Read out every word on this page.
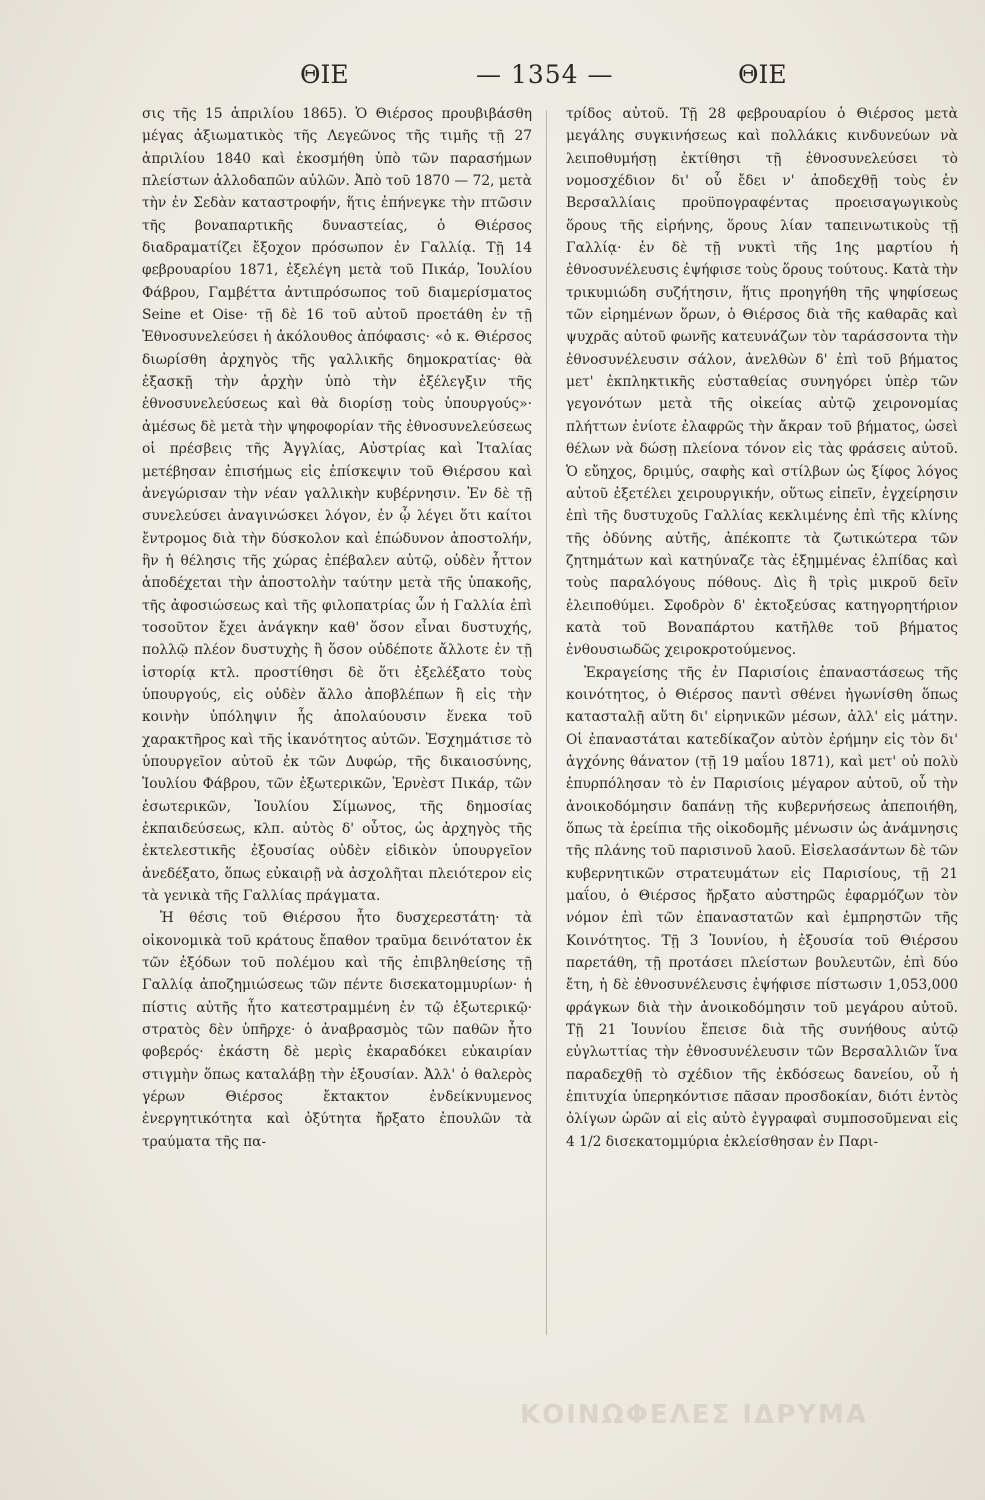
ΘΙΕ	— 1354 —	ΘΙΕ

σις τῆς 15 ἀπριλίου 1865). Ὁ Θιέρσος προυβιβάσθη μέγας ἀξιωματικὸς τῆς Λεγεῶνος τῆς τιμῆς τῇ 27 ἀπριλίου 1840 καὶ ἐκοσμήθη ὑπὸ τῶν παρασήμων πλείστων ἀλλοδαπῶν αὐλῶν. Ἀπὸ τοῦ 1870 — 72, μετὰ τὴν ἐν Σεδὰν καταστροφήν, ἥτις ἐπήνεγκε τὴν πτῶσιν τῆς βοναπαρτικῆς δυναστείας, ὁ Θιέρσος διαδραματίζει ἔξοχον πρόσωπον ἐν Γαλλίᾳ. Τῇ 14 φεβρουαρίου 1871, ἐξελέγη μετὰ τοῦ Πικάρ, Ἰουλίου Φάβρου, Γαμβέττα ἀντιπρόσωπος τοῦ διαμερίσματος Seine et Oise· τῇ δὲ 16 τοῦ αὐτοῦ προετάθη ἐν τῇ Ἐθνοσυνελεύσει ἡ ἀκόλουθος ἀπόφασις· «ὁ κ. Θιέρσος διωρίσθη ἀρχηγὸς τῆς γαλλικῆς δημοκρατίας· θὰ ἐξασκῇ τὴν ἀρχὴν ὑπὸ τὴν ἐξέλεγξιν τῆς ἐθνοσυνελεύσεως καὶ θὰ διορίσῃ τοὺς ὑπουργούς»· ἀμέσως δὲ μετὰ τὴν ψηφοφορίαν τῆς ἐθνοσυνελεύσεως οἱ πρέσβεις τῆς Ἀγγλίας, Αὐστρίας καὶ Ἰταλίας μετέβησαν ἐπισήμως εἰς ἐπίσκεψιν τοῦ Θιέρσου καὶ ἀνεγώρισαν τὴν νέαν γαλλικὴν κυβέρνησιν. Ἐν δὲ τῇ συνελεύσει ἀναγινώσκει λόγον, ἐν ᾧ λέγει ὅτι καίτοι ἔντρομος διὰ τὴν δύσκολον καὶ ἐπώδυνον ἀποστολήν, ἣν ἡ θέλησις τῆς χώρας ἐπέβαλεν αὐτῷ, οὐδὲν ἧττον ἀποδέχεται τὴν ἀποστολὴν ταύτην μετὰ τῆς ὑπακοῆς, τῆς ἀφοσιώσεως καὶ τῆς φιλοπατρίας ὧν ἡ Γαλλία ἐπὶ τοσοῦτον ἔχει ἀνάγκην καθ' ὅσον εἶναι δυστυχής, πολλῷ πλέον δυστυχὴς ἢ ὅσον οὐδέποτε ἄλλοτε ἐν τῇ ἱστορίᾳ κτλ. προστίθησι δὲ ὅτι ἐξελέξατο τοὺς ὑπουργούς, εἰς οὐδὲν ἄλλο ἀποβλέπων ἢ εἰς τὴν κοινὴν ὑπόληψιν ἧς ἀπολαύουσιν ἕνεκα τοῦ χαρακτῆρος καὶ τῆς ἱκανότητος αὐτῶν. Ἐσχημάτισε τὸ ὑπουργεῖον αὐτοῦ ἐκ τῶν Δυφώρ, τῆς δικαιοσύνης, Ἰουλίου Φάβρου, τῶν ἐξωτερικῶν, Ἐρνὲστ Πικάρ, τῶν ἐσωτερικῶν, Ἰουλίου Σίμωνος, τῆς δημοσίας ἐκπαιδεύσεως, κλπ. αὐτὸς δ' οὗτος, ὡς ἀρχηγὸς τῆς ἐκτελεστικῆς ἐξουσίας οὐδὲν εἰδικὸν ὑπουργεῖον ἀνεδέξατο, ὅπως εὐκαιρῇ νὰ ἀσχολῆται πλειότερον εἰς τὰ γενικὰ τῆς Γαλλίας πράγματα.

Ἡ θέσις τοῦ Θιέρσου ἦτο δυσχερεστάτη· τὰ οἰκονομικὰ τοῦ κράτους ἔπαθον τραῦμα δεινότατον ἐκ τῶν ἐξόδων τοῦ πολέμου καὶ τῆς ἐπιβληθείσης τῇ Γαλλίᾳ ἀποζημιώσεως τῶν πέντε δισεκατομμυρίων· ἡ πίστις αὐτῆς ἦτο κατεστραμμένη ἐν τῷ ἐξωτερικῷ· στρατὸς δὲν ὑπῆρχε· ὁ ἀναβρασμὸς τῶν παθῶν ἦτο φοβερός· ἐκάστη δὲ μερὶς ἐκαραδόκει εὐκαιρίαν στιγμὴν ὅπως καταλάβῃ τὴν ἐξουσίαν. Ἀλλ' ὁ θαλερὸς γέρων Θιέρσος ἔκτακτον ἐνδείκνυμενος ἐνεργητικότητα καὶ ὀξύτητα ἤρξατο ἐπουλῶν τὰ τραύματα τῆς πα-

τρίδος αὐτοῦ. Τῇ 28 φεβρουαρίου ὁ Θιέρσος μετὰ μεγάλης συγκινήσεως καὶ πολλάκις κινδυνεύων νὰ λειποθυμήσῃ ἐκτίθησι τῇ ἐθνοσυνελεύσει τὸ νομοσχέδιον δι' οὗ ἔδει ν' ἀποδεχθῇ τοὺς ἐν Βερσαλλίαις προϋπογραφέντας προεισαγωγικοὺς ὅρους τῆς εἰρήνης, ὅρους λίαν ταπεινωτικοὺς τῇ Γαλλίᾳ· ἐν δὲ τῇ νυκτὶ τῆς 1ης μαρτίου ἡ ἐθνοσυνέλευσις ἐψήφισε τοὺς ὅρους τούτους. Κατὰ τὴν τρικυμιώδη συζήτησιν, ἥτις προηγήθη τῆς ψηφίσεως τῶν εἰρημένων ὅρων, ὁ Θιέρσος διὰ τῆς καθαρᾶς καὶ ψυχρᾶς αὐτοῦ φωνῆς κατευνάζων τὸν ταράσσοντα τὴν ἐθνοσυνέλευσιν σάλον, ἀνελθὼν δ' ἐπὶ τοῦ βήματος μετ' ἐκπληκτικῆς εὐσταθείας συνηγόρει ὑπὲρ τῶν γεγονότων μετὰ τῆς οἰκείας αὐτῷ χειρονομίας πλήττων ἐνίοτε ἐλαφρῶς τὴν ἄκραν τοῦ βήματος, ὡσεὶ θέλων νὰ δώσῃ πλείονα τόνον εἰς τὰς φράσεις αὐτοῦ. Ὁ εὔηχος, δριμύς, σαφὴς καὶ στίλβων ὡς ξίφος λόγος αὐτοῦ ἐξετέλει χειρουργικήν, οὕτως εἰπεῖν, ἐγχείρησιν ἐπὶ τῆς δυστυχοῦς Γαλλίας κεκλιμένης ἐπὶ τῆς κλίνης τῆς ὀδύνης αὐτῆς, ἀπέκοπτε τὰ ζωτικώτερα τῶν ζητημάτων καὶ κατηύναζε τὰς ἐξημμένας ἐλπίδας καὶ τοὺς παραλόγους πόθους. Δὶς ἢ τρὶς μικροῦ δεῖν ἐλειποθύμει. Σφοδρὸν δ' ἐκτοξεύσας κατηγορητήριον κατὰ τοῦ Βοναπάρτου κατῆλθε τοῦ βήματος ἐνθουσιωδῶς χειροκροτούμενος.

Ἐκραγείσης τῆς ἐν Παρισίοις ἐπαναστάσεως τῆς κοινότητος, ὁ Θιέρσος παντὶ σθένει ἠγωνίσθη ὅπως κατασταλῇ αὕτη δι' εἰρηνικῶν μέσων, ἀλλ' εἰς μάτην. Οἱ ἐπαναστάται κατεδίκαζον αὐτὸν ἐρήμην εἰς τὸν δι' ἀγχόνης θάνατον (τῇ 19 μαΐου 1871), καὶ μετ' οὐ πολὺ ἐπυρπόλησαν τὸ ἐν Παρισίοις μέγαρον αὐτοῦ, οὗ τὴν ἀνοικοδόμησιν δαπάνῃ τῆς κυβερνήσεως ἀπεποιήθη, ὅπως τὰ ἐρείπια τῆς οἰκοδομῆς μένωσιν ὡς ἀνάμνησις τῆς πλάνης τοῦ παρισινοῦ λαοῦ. Εἰσελασάντων δὲ τῶν κυβερνητικῶν στρατευμάτων εἰς Παρισίους, τῇ 21 μαΐου, ὁ Θιέρσος ἤρξατο αὐστηρῶς ἐφαρμόζων τὸν νόμον ἐπὶ τῶν ἐπαναστατῶν καὶ ἐμπρηστῶν τῆς Κοινότητος. Τῇ 3 Ἰουνίου, ἡ ἐξουσία τοῦ Θιέρσου παρετάθη, τῇ προτάσει πλείστων βουλευτῶν, ἐπὶ δύο ἔτη, ἡ δὲ ἐθνοσυνέλευσις ἐψήφισε πίστωσιν 1,053,000 φράγκων διὰ τὴν ἀνοικοδόμησιν τοῦ μεγάρου αὐτοῦ. Τῇ 21 Ἰουνίου ἔπεισε διὰ τῆς συνήθους αὐτῷ εὐγλωττίας τὴν ἐθνοσυνέλευσιν τῶν Βερσαλλιῶν ἵνα παραδεχθῇ τὸ σχέδιον τῆς ἐκδόσεως δανείου, οὗ ἡ ἐπιτυχία ὑπερηκόντισε πᾶσαν προσδοκίαν, διότι ἐντὸς ὀλίγων ὡρῶν αἱ εἰς αὐτὸ ἐγγραφαὶ συμποσοῦμεναι εἰς 4 1/2 δισεκατομμύρια ἐκλείσθησαν ἐν Παρι-

ΚΟΙΝΩΦΕΛΕΣ ΙΔΡΥΜΑ
